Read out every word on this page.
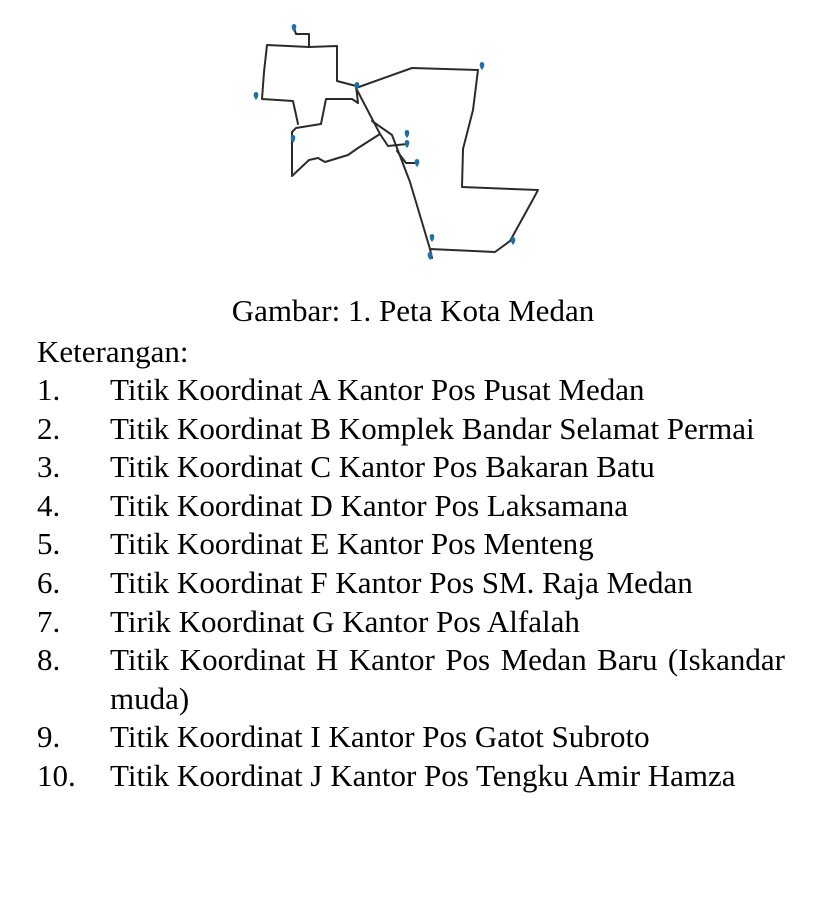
Gambar: 1. Peta Kota Medan
Keterangan:
1.	Titik Koordinat A Kantor Pos Pusat Medan
2.	Titik Koordinat B Komplek Bandar Selamat Permai
3.	Titik Koordinat C Kantor Pos Bakaran Batu
4.	Titik Koordinat D Kantor Pos Laksamana
5.	Titik Koordinat E Kantor Pos Menteng
6.	Titik Koordinat F Kantor Pos SM. Raja Medan
7.	Tirik Koordinat G Kantor Pos Alfalah
8.	Titik Koordinat H Kantor Pos Medan Baru (Iskandar muda)
9.	Titik Koordinat I Kantor Pos Gatot Subroto
10.	Titik Koordinat J Kantor Pos Tengku Amir Hamza
